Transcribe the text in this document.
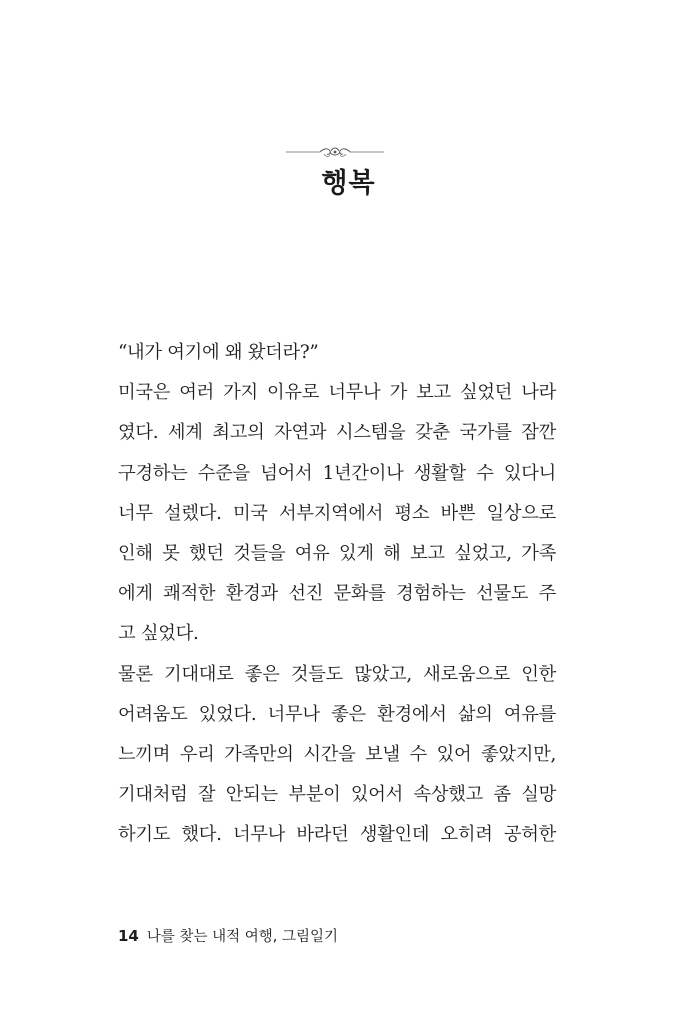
행복
“내가 여기에 왜 왔더라?”
미국은 여러 가지 이유로 너무나 가 보고 싶었던 나라
였다. 세계 최고의 자연과 시스템을 갖춘 국가를 잠깐
구경하는 수준을 넘어서 1년간이나 생활할 수 있다니
너무 설렜다. 미국 서부지역에서 평소 바쁜 일상으로
인해 못 했던 것들을 여유 있게 해 보고 싶었고, 가족
에게 쾌적한 환경과 선진 문화를 경험하는 선물도 주
고 싶었다.
물론 기대대로 좋은 것들도 많았고, 새로움으로 인한
어려움도 있었다. 너무나 좋은 환경에서 삶의 여유를
느끼며 우리 가족만의 시간을 보낼 수 있어 좋았지만,
기대처럼 잘 안되는 부분이 있어서 속상했고 좀 실망
하기도 했다. 너무나 바라던 생활인데 오히려 공허한
14 나를 찾는 내적 여행, 그림일기
